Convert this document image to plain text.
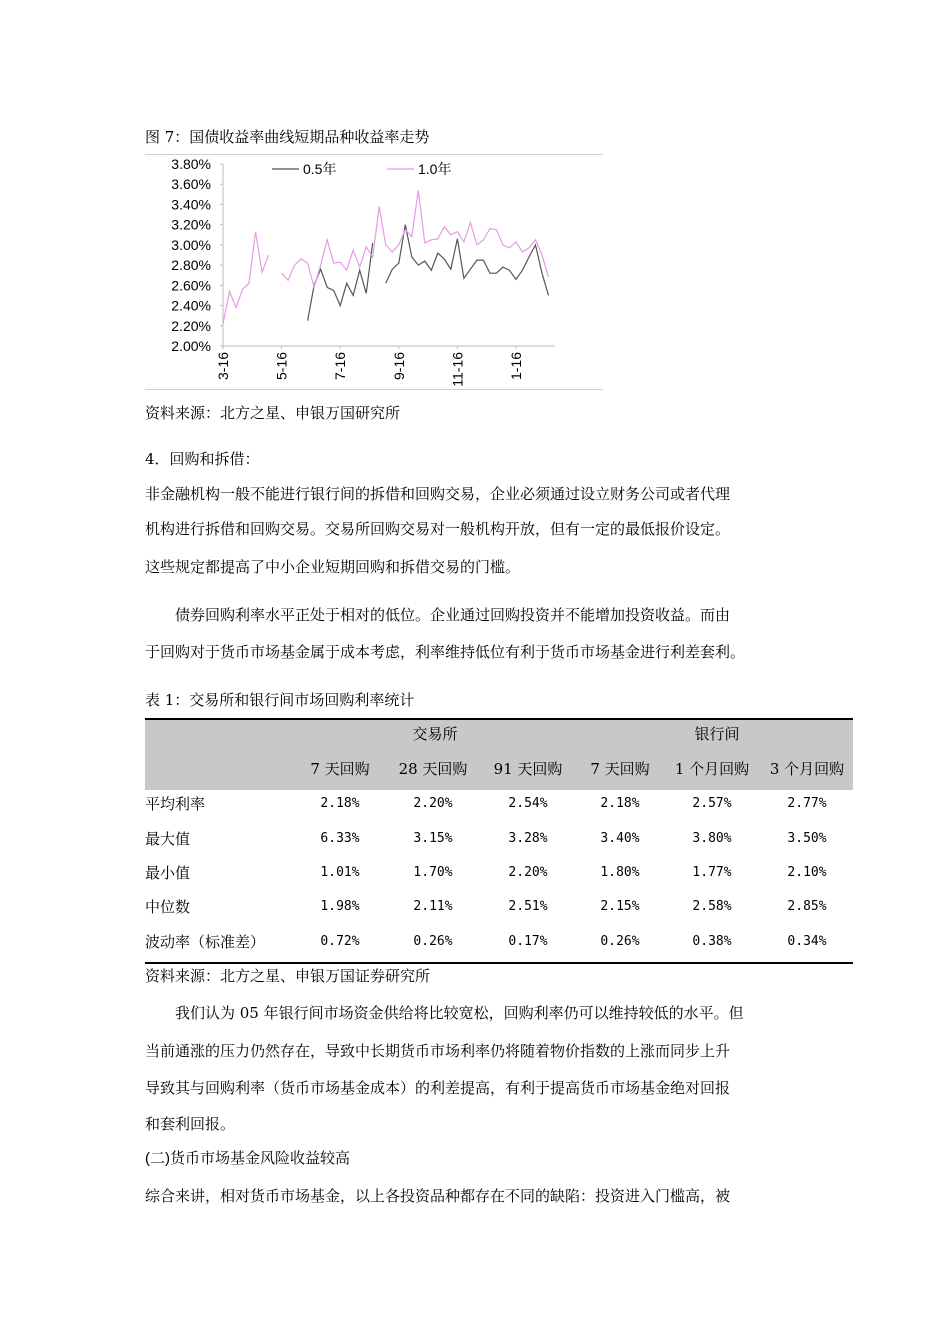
图 7：国债收益率曲线短期品种收益率走势
2.00%
2.20%
2.40%
2.60%
2.80%
3.00%
3.20%
3.40%
3.60%
3.80%
3-16	5-16	7-16	9-16	11-16	1-16
0.5年	1.0年
资料来源：北方之星、申银万国研究所
4．回购和拆借：
非金融机构一般不能进行银行间的拆借和回购交易，企业必须通过设立财务公司或者代理
机构进行拆借和回购交易。交易所回购交易对一般机构开放，但有一定的最低报价设定。
这些规定都提高了中小企业短期回购和拆借交易的门槛。
债券回购利率水平正处于相对的低位。企业通过回购投资并不能增加投资收益。而由
于回购对于货币市场基金属于成本考虑，利率维持低位有利于货币市场基金进行利差套利。
表 1：交易所和银行间市场回购利率统计
交易所	银行间
7 天回购	28 天回购	91 天回购	7 天回购	1 个月回购	3 个月回购
平均利率	2.18%	2.20%	2.54%	2.18%	2.57%	2.77%
最大值	6.33%	3.15%	3.28%	3.40%	3.80%	3.50%
最小值	1.01%	1.70%	2.20%	1.80%	1.77%	2.10%
中位数	1.98%	2.11%	2.51%	2.15%	2.58%	2.85%
波动率（标准差）	0.72%	0.26%	0.17%	0.26%	0.38%	0.34%
资料来源：北方之星、申银万国证券研究所
我们认为 05 年银行间市场资金供给将比较宽松，回购利率仍可以维持较低的水平。但
当前通涨的压力仍然存在，导致中长期货币市场利率仍将随着物价指数的上涨而同步上升
导致其与回购利率（货币市场基金成本）的利差提高，有利于提高货币市场基金绝对回报
和套利回报。
(二)货币市场基金风险收益较高
综合来讲，相对货币市场基金，以上各投资品种都存在不同的缺陷：投资进入门槛高，被
